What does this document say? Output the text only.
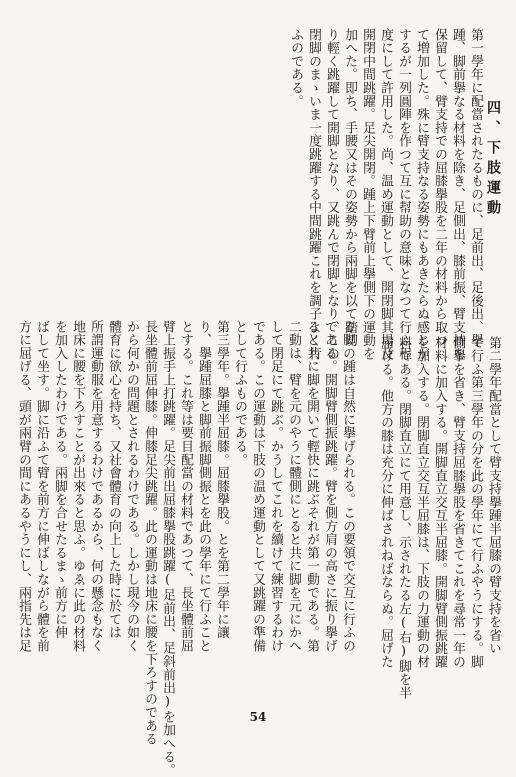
四、下肢運動
第一學年に配當されたるものに、足前出、足後出、擧
踵、脚前擧なる材料を除き、足側出、膝前振、臂支持を
保留して、臂支持での屈膝擧股を二年の材料から取つ
て増加した。殊に臂支持なる姿勢にもあきたらぬ感じが
するが一列圓陣を作つて互に幇助の意味となつて行ふ程
度にして許用した。尚、温め運動として、開閉脚其場及
開閉中間跳躍。足尖開閉。踵上下臂前上擧側下の運動を
加へた。即ち、手腰又はその姿勢から兩脚を以て踏切
り輕く跳躍して開脚となり、又跳んで閉脚となり、この
閉脚のまゝいま一度跳躍する中間跳躍これを調子よく行
ふのである。
第二學年配當として臂支持擧踵半屈膝の臂支持を省い
て行ふ第三學年の分を此の學年にて行ふやうにする。脚
側擧を省き、臂支持屈膝擧股を省きてこれを尋常一年の
材料に加入する。開脚直立交互半屈膝。開脚臂側振跳躍
を加入する。閉脚直立交互半屈膝は、下肢の力運動の材
料である。閉脚直立にて用意し、示されたる左(右)脚を半
屈げる。他方の膝は充分に伸ばされねばならぬ。屈げた
る脚の踵は自然に擧げられる。この要領で交互に行ふの
である。開脚臂側振跳躍。臂を側方肩の高さに振り擧げ
ると共に脚を開いて輕快に跳ぶそれが第一動である。第
二動は、臂を元のやうに體側にとると共に脚を元にかへ
して閉足にて跳ぶ。かうしてこれを續けて練習するわけ
である。この運動は下肢の温め運動として又跳躍の準備
として行ふものである。
第三學年。擧踵半屈膝。屈膝擧股。とを第二學年に讓
り、擧踵屈膝と脚前振脚側振とを此の學年にて行ふこと
とする。これ等は要目配當の材料であつて、長坐體前屈
臂上振手上打跳躍。足尖前出屈膝擧股跳躍(足前出、足斜前出)を加へる。
長坐體前屈伸膝。伸膝足尖跳躍。此の運動は地床に腰を下ろすのである
から何かの問題とされるわけである。しかし現今の如く
體育に欲心を持ち、又社會體育の向上した時に於ては
所謂運動服を用意するわけであるから、何の懸念もなく
地床に腰を下ろすことが出來ると思ふ。ゆゑに此の材料
を加入したわけである。兩脚を合せたるまゝ前方に伸
ばして坐す。脚に沿ふて臂を前方に伸ばしながら體を前
方に屈げる、頭が兩臂の間にあるやうにし、兩指先は足
54
